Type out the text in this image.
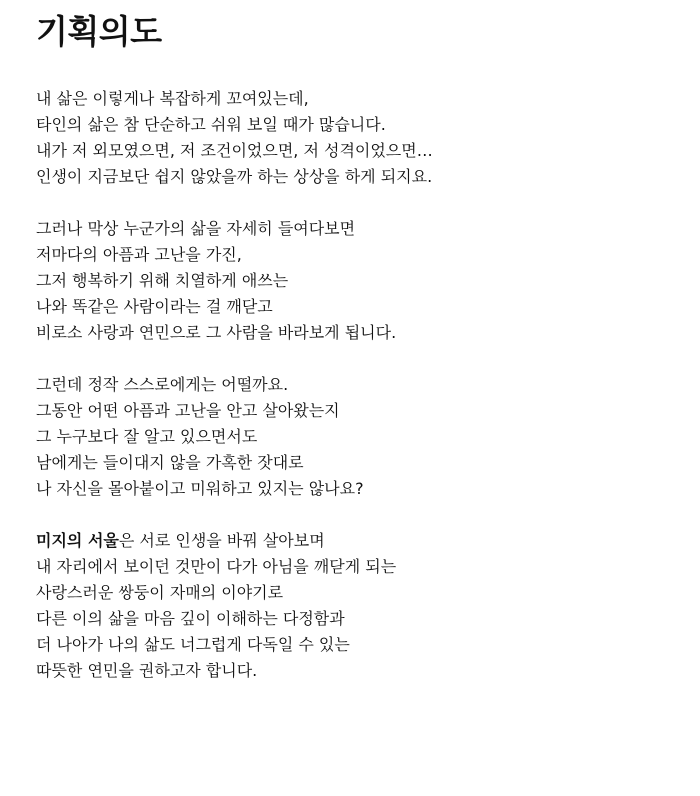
기획의도
내 삶은 이렇게나 복잡하게 꼬여있는데,
타인의 삶은 참 단순하고 쉬워 보일 때가 많습니다.
내가 저 외모였으면, 저 조건이었으면, 저 성격이었으면…
인생이 지금보단 쉽지 않았을까 하는 상상을 하게 되지요.
그러나 막상 누군가의 삶을 자세히 들여다보면
저마다의 아픔과 고난을 가진,
그저 행복하기 위해 치열하게 애쓰는
나와 똑같은 사람이라는 걸 깨닫고
비로소 사랑과 연민으로 그 사람을 바라보게 됩니다.
그런데 정작 스스로에게는 어떨까요.
그동안 어떤 아픔과 고난을 안고 살아왔는지
그 누구보다 잘 알고 있으면서도
남에게는 들이대지 않을 가혹한 잣대로
나 자신을 몰아붙이고 미워하고 있지는 않나요?
미지의 서울은 서로 인생을 바꿔 살아보며
내 자리에서 보이던 것만이 다가 아님을 깨닫게 되는
사랑스러운 쌍둥이 자매의 이야기로
다른 이의 삶을 마음 깊이 이해하는 다정함과
더 나아가 나의 삶도 너그럽게 다독일 수 있는
따뜻한 연민을 권하고자 합니다.
